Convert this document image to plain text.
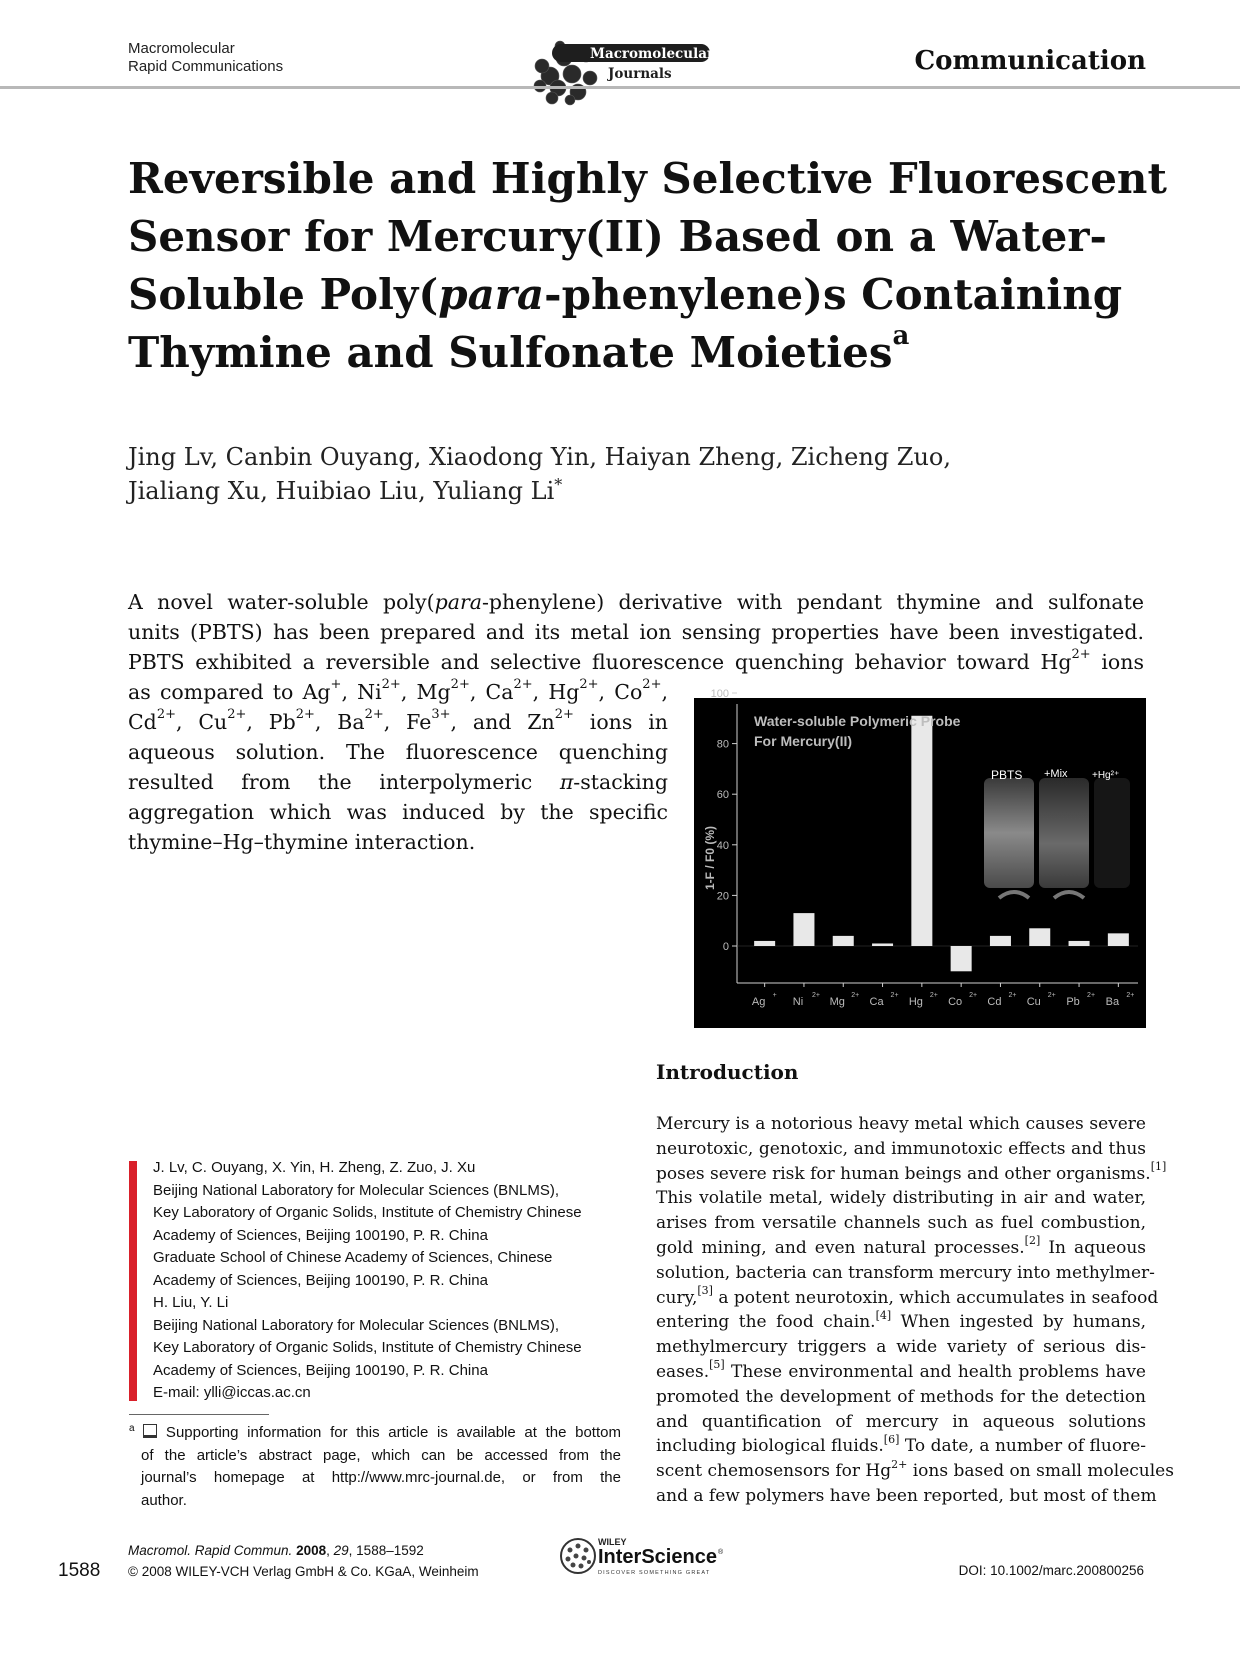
Macromolecular
Rapid Communications
Macromolecular
Journals	Communication
Reversible and Highly Selective Fluorescent
Sensor for Mercury(II) Based on a Water-
Soluble Poly(para-phenylene)s Containing
Thymine and Sulfonate Moieties$^a$
Jing Lv, Canbin Ouyang, Xiaodong Yin, Haiyan Zheng, Zicheng Zuo,
Jialiang Xu, Huibiao Liu, Yuliang Li*
A novel water-soluble poly(para-phenylene) derivative with pendant thymine and sulfonate
units (PBTS) has been prepared and its metal ion sensing properties have been investigated.
PBTS exhibited a reversible and selective fluorescence quenching behavior toward $Hg^{2+}$ ions
as compared to Ag+, $Ni^{2+}$, $Mg^{2+}$, $Ca^{2+}$, $Hg^{2+}$, $Co^{2+}$,
$Cd^{2+}$, $Cu^{2+}$, $Pb^{2+}$, $Ba^{2+}$, $Fe^{3+}$, and $Zn^{2+}$ ions in
aqueous solution. The fluorescence quenching
resulted from the interpolymeric π-stacking
aggregation which was induced by the specific
thymine–Hg–thymine interaction.
0
20
40
60
80
100
Ag
+
Ni
2+
Mg
2+
Ca
2+
Hg
2+
Co
2+
Cd
2+
Cu
2+
Pb
2+
Ba
2+
1-F / F0 (%)
Water-soluble Polymeric Probe
For Mercury(II)
PBTS +Mix +Hg²⁺
Introduction
Mercury is a notorious heavy metal which causes severe
neurotoxic, genotoxic, and immunotoxic effects and thus
poses severe risk for human beings and other organisms.[1]
This volatile metal, widely distributing in air and water,
arises from versatile channels such as fuel combustion,
gold mining, and even natural processes.[2] In aqueous
solution, bacteria can transform mercury into methylmer-
cury,[3] a potent neurotoxin, which accumulates in seafood
entering the food chain.[4] When ingested by humans,
methylmercury triggers a wide variety of serious dis-
eases.[5] These environmental and health problems have
promoted the development of methods for the detection
and quantification of mercury in aqueous solutions
including biological fluids.[6] To date, a number of fluore-
scent chemosensors for $Hg^{2+}$ ions based on small molecules
and a few polymers have been reported, but most of them
J. Lv, C. Ouyang, X. Yin, H. Zheng, Z. Zuo, J. Xu
Beijing National Laboratory for Molecular Sciences (BNLMS),
Key Laboratory of Organic Solids, Institute of Chemistry Chinese
Academy of Sciences, Beijing 100190, P. R. China
Graduate School of Chinese Academy of Sciences, Chinese
Academy of Sciences, Beijing 100190, P. R. China
H. Liu, Y. Li
Beijing National Laboratory for Molecular Sciences (BNLMS),
Key Laboratory of Organic Solids, Institute of Chemistry Chinese
Academy of Sciences, Beijing 100190, P. R. China
E-mail: ylli@iccas.ac.cn
$^a$  Supporting information for this article is available at the bottom
of the article’s abstract page, which can be accessed from the
journal’s homepage at http://www.mrc-journal.de, or from the
author.
1588
Macromol. Rapid Commun. 2008, 29, 1588–1592
© 2008 WILEY-VCH Verlag GmbH & Co. KGaA, Weinheim
WILEY
InterScience ®
DISCOVER SOMETHING GREAT	DOI: 10.1002/marc.200800256
